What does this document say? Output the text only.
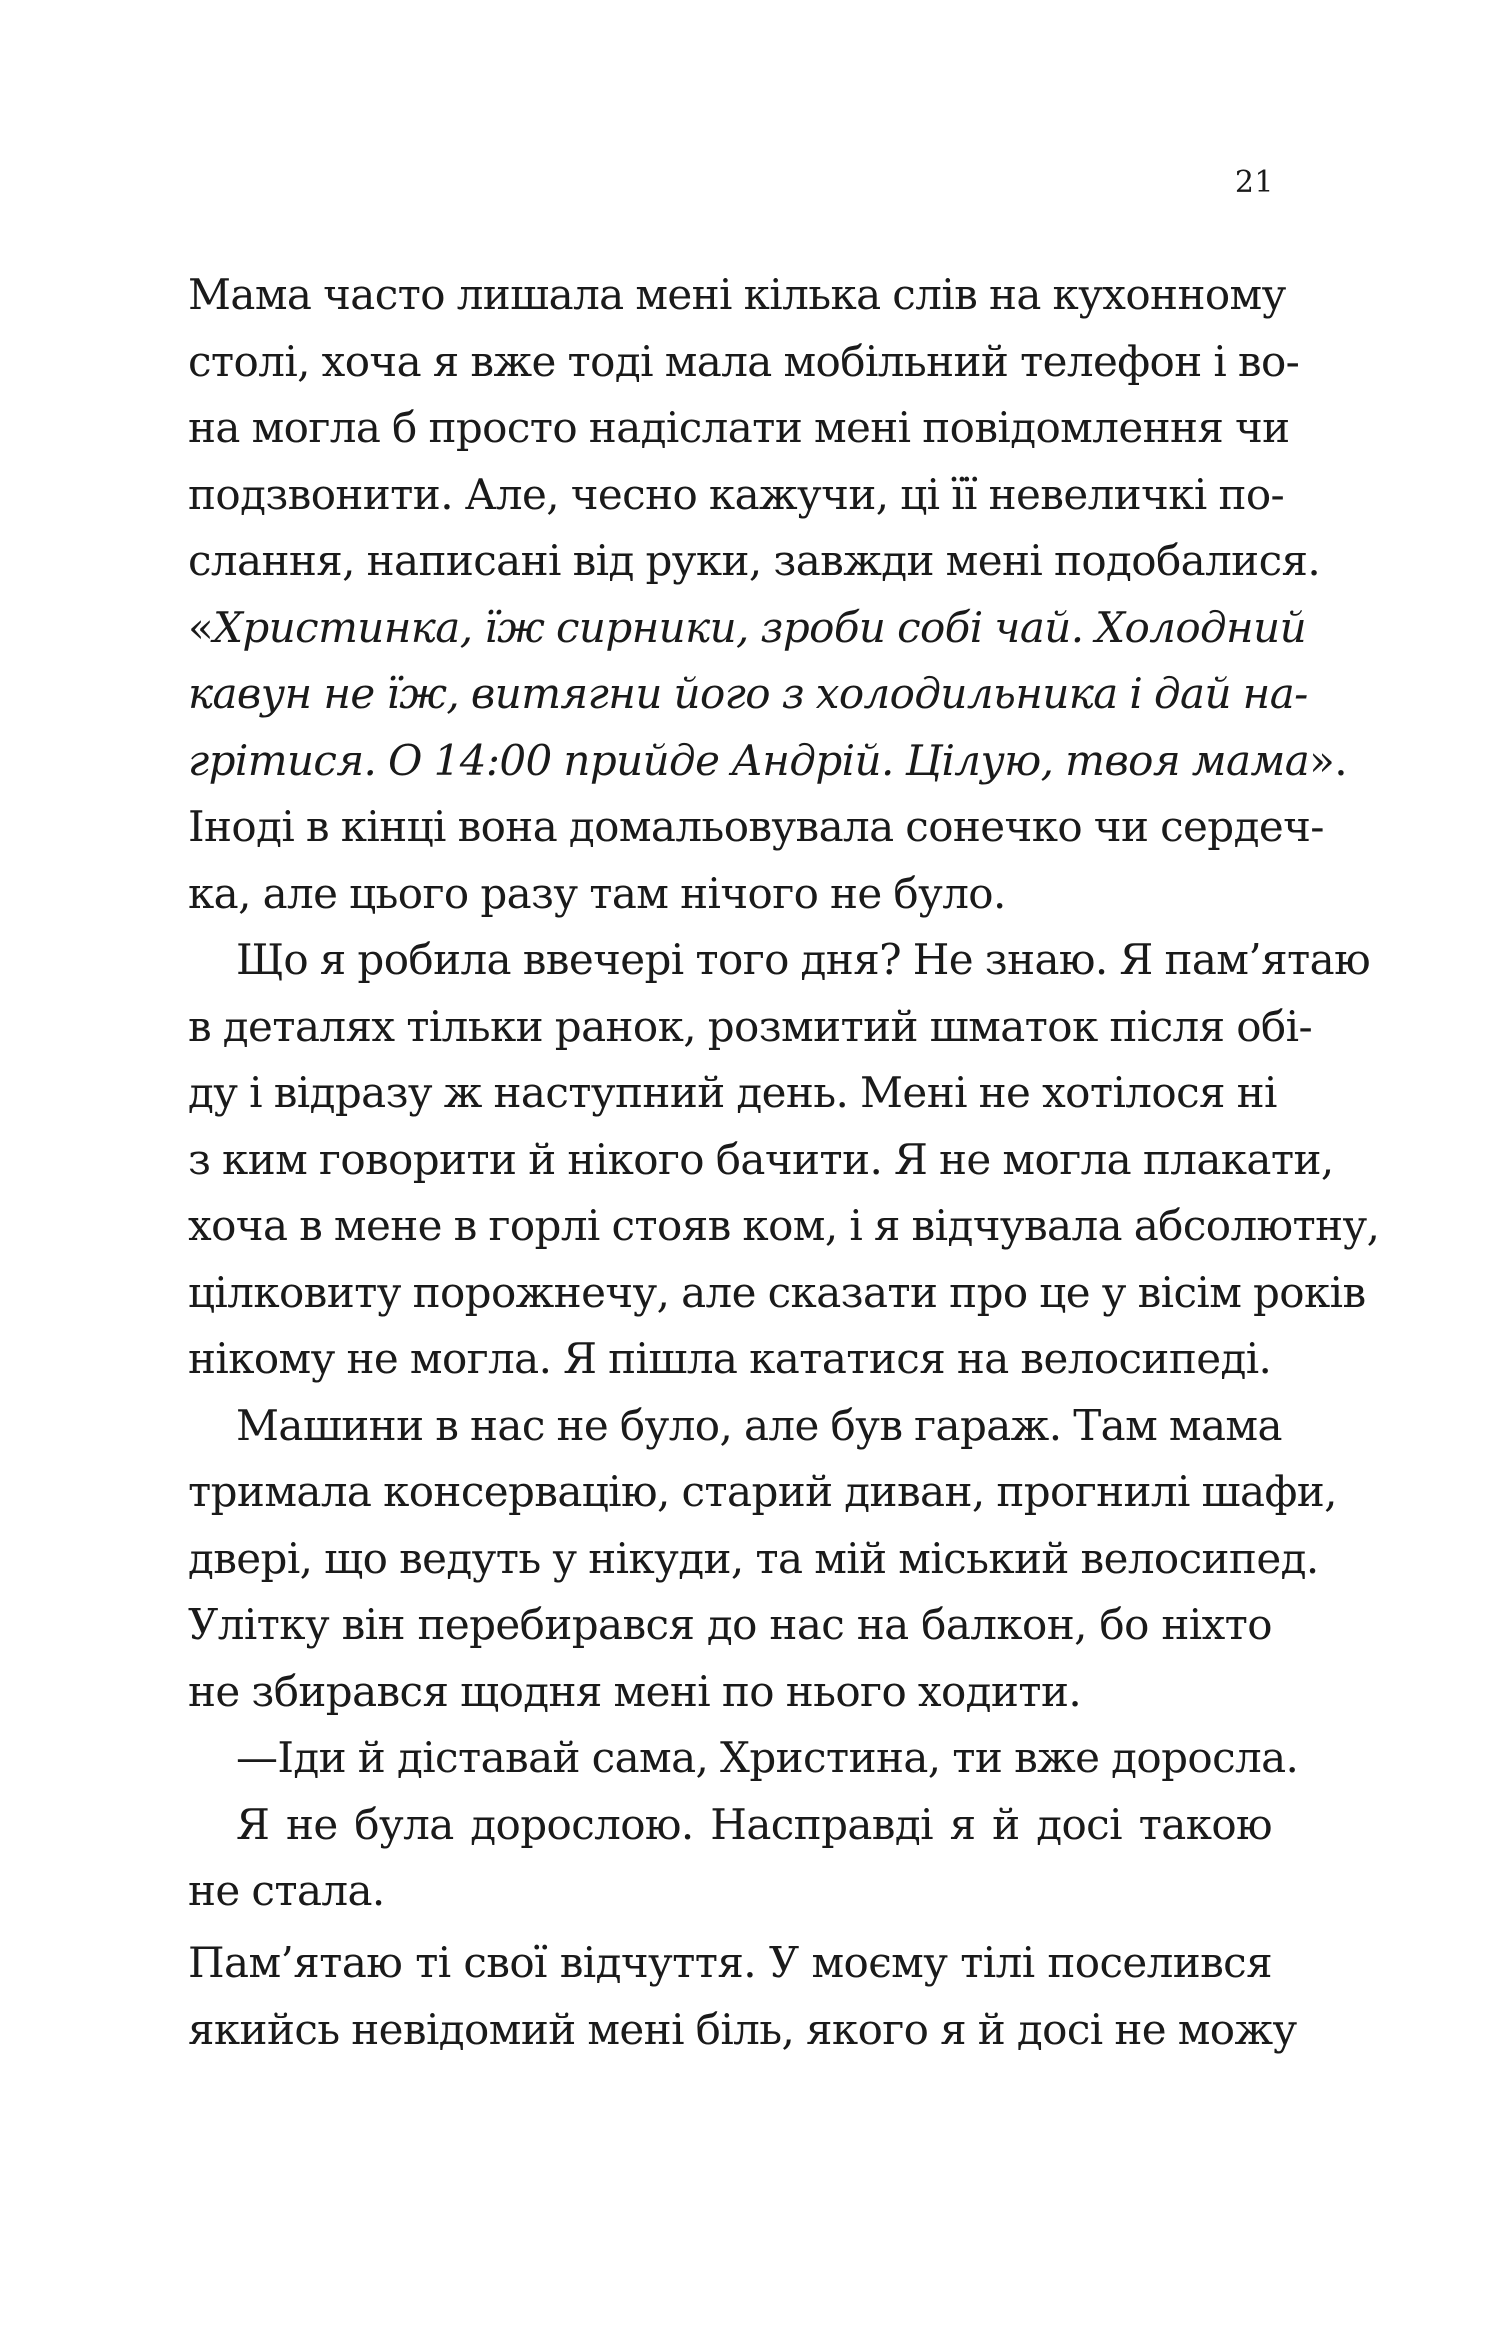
21
Мама часто лишала мені кілька слів на кухонному
столі, хоча я вже тоді мала мобільний телефон і во-
на могла б просто надіслати мені повідомлення чи
подзвонити. Але, чесно кажучи, ці її невеличкі по-
слання, написані від руки, завжди мені подобалися.
«Христинка, їж сирники, зроби собі чай. Холодний
кавун не їж, витягни його з холодильника і дай на-
грітися. О 14:00 прийде Андрій. Цілую, твоя мама».
Іноді в кінці вона домальовувала сонечко чи сердеч-
ка, але цього разу там нічого не було.
Що я робила ввечері того дня? Не знаю. Я пам’ятаю
в деталях тільки ранок, розмитий шматок після обі-
ду і відразу ж наступний день. Мені не хотілося ні
з ким говорити й нікого бачити. Я не могла плакати,
хоча в мене в горлі стояв ком, і я відчувала абсолютну,
цілковиту порожнечу, але сказати про це у вісім років
нікому не могла. Я пішла кататися на велосипеді.
Машини в нас не було, але був гараж. Там мама
тримала консервацію, старий диван, прогнилі шафи,
двері, що ведуть у нікуди, та мій міський велосипед.
Улітку він перебирався до нас на балкон, бо ніхто
не збирався щодня мені по нього ходити.
—Іди й діставай сама, Христина, ти вже доросла.
Я не була дорослою. Насправді я й досі такою
не стала.
Пам’ятаю ті свої відчуття. У моєму тілі поселився
якийсь невідомий мені біль, якого я й досі не можу
